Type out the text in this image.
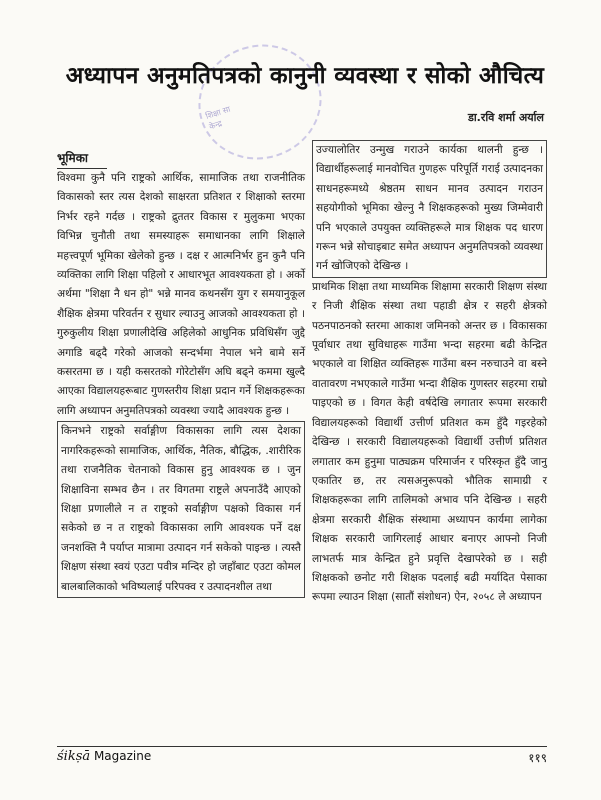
शिक्षा सा
केन्द्र
अध्यापन अनुमतिपत्रको कानुनी व्यवस्था र सोको औचित्य
डा.रवि शर्मा अर्याल
भूमिका

विश्वमा कुनै पनि राष्ट्रको आर्थिक, सामाजिक तथा राजनीतिक विकासको स्तर त्यस देशको साक्षरता प्रतिशत र शिक्षाको स्तरमा निर्भर रहने गर्दछ । राष्ट्रको द्रुततर विकास र मुलुकमा भएका विभिन्न चुनौती तथा समस्याहरू समाधानका लागि शिक्षाले महत्त्वपूर्ण भूमिका खेलेको हुन्छ । दक्ष र आत्मनिर्भर हुन कुनै पनि व्यक्तिका लागि शिक्षा पहिलो र आधारभूत आवश्यकता हो । अर्को अर्थमा "शिक्षा नै धन हो" भन्ने मानव कथनसँग युग र समयानुकूल शैक्षिक क्षेत्रमा परिवर्तन र सुधार ल्याउनु आजको आवश्यकता हो । गुरुकुलीय शिक्षा प्रणालीदेखि अहिलेको आधुनिक प्रविधिसँग जुद्दै अगाडि बढ्दै गरेको आजको सन्दर्भमा नेपाल भने बामे सर्ने कसरतमा छ । यही कसरतको गोरेटोसँग अघि बढ्ने कममा खुल्दै आएका विद्यालयहरूबाट गुणस्तरीय शिक्षा प्रदान गर्ने शिक्षकहरूका लागि अध्यापन अनुमतिपत्रको व्यवस्था ज्यादै आवश्यक हुन्छ ।

किनभने राष्ट्रको सर्वाङ्गीण विकासका लागि त्यस देशका नागरिकहरूको सामाजिक, आर्थिक, नैतिक, बौद्धिक, .शारीरिक तथा राजनैतिक चेतनाको विकास हुनु आवश्यक छ । जुन शिक्षाविना सम्भव छैन । तर विगतमा राष्ट्रले अपनाउँदै आएको शिक्षा प्रणालीले न त राष्ट्रको सर्वाङ्गीण पक्षको विकास गर्न सकेको छ न त राष्ट्रको विकासका लागि आवश्यक पर्ने दक्ष जनशक्ति नै पर्याप्त मात्रामा उत्पादन गर्न सकेको पाइन्छ । त्यस्तै शिक्षण संस्था स्वयं एउटा पवीत्र मन्दिर हो जहाँबाट एउटा कोमल बालबालिकाको भविष्यलाई परिपक्व र उत्पादनशील तथा

उज्यालोतिर उन्मुख गराउने कार्यका थालनी हुन्छ । विद्यार्थीहरूलाई मानवोचित गुणहरू परिपूर्ति गराई उत्पादनका साधनहरूमध्ये श्रेष्ठतम साधन मानव उत्पादन गराउन सहयोगीको भूमिका खेल्नु नै शिक्षकहरूको मुख्य जिम्मेवारी पनि भएकाले उपयुक्त व्यक्तिहरूले मात्र शिक्षक पद धारण गरून भन्ने सोचाइबाट समेत अध्यापन अनुमतिपत्रको व्यवस्था गर्न खोजिएको देखिन्छ ।

प्राथमिक शिक्षा तथा माध्यमिक शिक्षामा सरकारी शिक्षण संस्था र निजी शैक्षिक संस्था तथा पहाडी क्षेत्र र सहरी क्षेत्रको पठनपाठनको स्तरमा आकाश जमिनको अन्तर छ । विकासका पूर्वाधार तथा सुविधाहरू गाउँमा भन्दा सहरमा बढी केन्द्रित भएकाले वा शिक्षित व्यक्तिहरू गाउँमा बस्न नरुचाउने वा बस्ने वातावरण नभएकाले गाउँमा भन्दा शैक्षिक गुणस्तर सहरमा राम्रो पाइएको छ । विगत केही वर्षदेखि लगातार रूपमा सरकारी विद्यालयहरूको विद्यार्थी उत्तीर्ण प्रतिशत कम हुँदै गइरहेको देखिन्छ । सरकारी विद्यालयहरूको विद्यार्थी उत्तीर्ण प्रतिशत लगातार कम हुनुमा पाठ्यक्रम परिमार्जन र परिस्कृत हुँदै जानु एकातिर छ, तर त्यसअनुरूपको भौतिक सामाग्री र शिक्षकहरूका लागि तालिमको अभाव पनि देखिन्छ । सहरी क्षेत्रमा सरकारी शैक्षिक संस्थामा अध्यापन कार्यमा लागेका शिक्षक सरकारी जागिरलाई आधार बनाएर आफ्नो निजी लाभतर्फ मात्र केन्द्रित हुने प्रवृत्ति देखापरेको छ । सही शिक्षकको छनोट गरी शिक्षक पदलाई बढी मर्यादित पेसाका रूपमा ल्याउन शिक्षा (सातौं संशोधन) ऐन, २०५८ ले अध्यापन

śikṣā Magazine	११९
